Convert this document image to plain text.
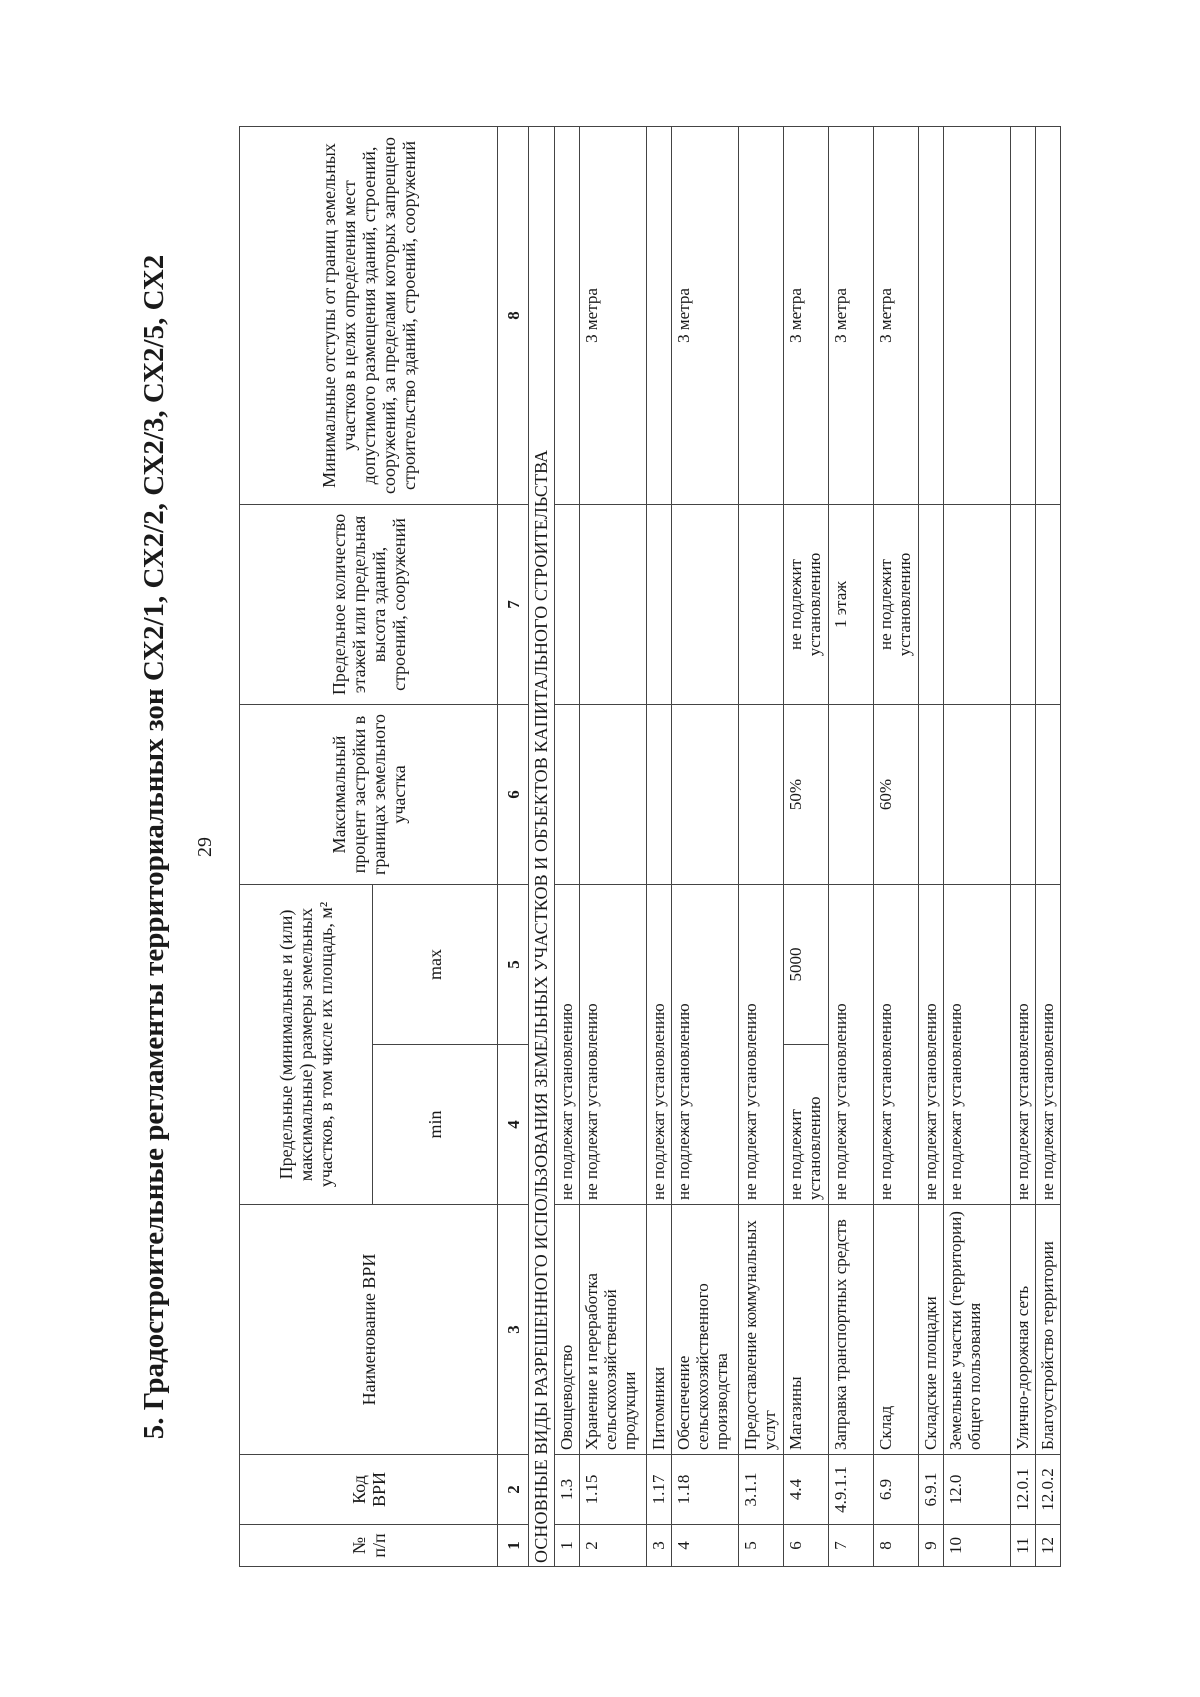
5. Градостроительные регламенты территориальных зон СХ2/1, СХ2/2, СХ2/3, СХ2/5, СХ2	29
№ п/п	Код ВРИ	Наименование ВРИ	Предельные (минимальные и (или) максимальные) размеры земельных участков, в том числе их площадь, м²		Максимальный процент застройки в границах земельного участка	Предельное количество этажей или предельная высота зданий, строений, сооружений	Минимальные отступы от границ земельных участков в целях определения мест допустимого размещения зданий, строений, сооружений, за пределами которых запрещено строительство зданий, строений, сооружений
			min	max			
1	2	3	4	5	6	7	8
ОСНОВНЫЕ ВИДЫ РАЗРЕШЕННОГО ИСПОЛЬЗОВАНИЯ ЗЕМЕЛЬНЫХ УЧАСТКОВ И ОБЪЕКТОВ КАПИТАЛЬНОГО СТРОИТЕЛЬСТВА							
1	1.3	Овощеводство	не подлежат установлению				
2	1.15	Хранение и переработка сельскохозяйственной продукции	не подлежат установлению				3 метра
3	1.17	Питомники	не подлежат установлению				
4	1.18	Обеспечение сельскохозяйственного производства	не подлежат установлению				3 метра
5	3.1.1	Предоставление коммунальных услуг	не подлежат установлению				
6	4.4	Магазины	не подлежит установлению	5000	50%	не подлежит установлению	3 метра
7	4.9.1.1	Заправка транспортных средств	не подлежат установлению			1 этаж	3 метра
8	6.9	Склад	не подлежат установлению		60%	не подлежит установлению	3 метра
9	6.9.1	Складские площадки	не подлежат установлению				
10	12.0	Земельные участки (территории) общего пользования	не подлежат установлению				
11	12.0.1	Улично-дорожная сеть	не подлежат установлению				
12	12.0.2	Благоустройство территории	не подлежат установлению				
